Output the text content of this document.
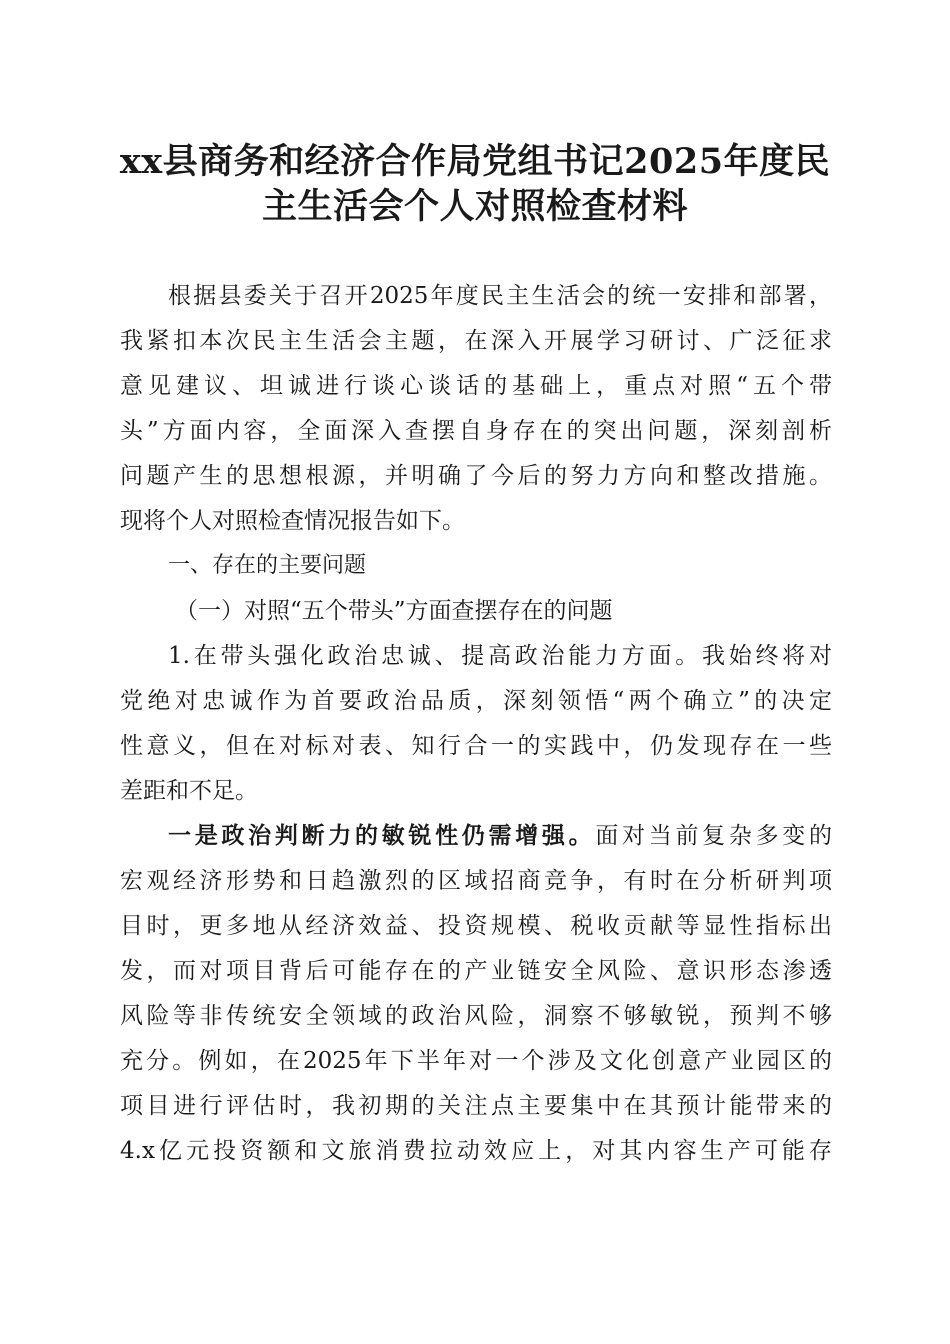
xx县商务和经济合作局党组书记2025年度民
主生活会个人对照检查材料
根据县委关于召开2025年度民主生活会的统一安排和部署，
我紧扣本次民主生活会主题，在深入开展学习研讨、广泛征求
意见建议、坦诚进行谈心谈话的基础上，重点对照“五个带
头”方面内容，全面深入查摆自身存在的突出问题，深刻剖析
问题产生的思想根源，并明确了今后的努力方向和整改措施。
现将个人对照检查情况报告如下。
一、存在的主要问题
（一）对照“五个带头”方面查摆存在的问题
1.在带头强化政治忠诚、提高政治能力方面。我始终将对
党绝对忠诚作为首要政治品质，深刻领悟“两个确立”的决定
性意义，但在对标对表、知行合一的实践中，仍发现存在一些
差距和不足。
一是政治判断力的敏锐性仍需增强。面对当前复杂多变的
宏观经济形势和日趋激烈的区域招商竞争，有时在分析研判项
目时，更多地从经济效益、投资规模、税收贡献等显性指标出
发，而对项目背后可能存在的产业链安全风险、意识形态渗透
风险等非传统安全领域的政治风险，洞察不够敏锐，预判不够
充分。例如，在2025年下半年对一个涉及文化创意产业园区的
项目进行评估时，我初期的关注点主要集中在其预计能带来的
4.x亿元投资额和文旅消费拉动效应上，对其内容生产可能存
